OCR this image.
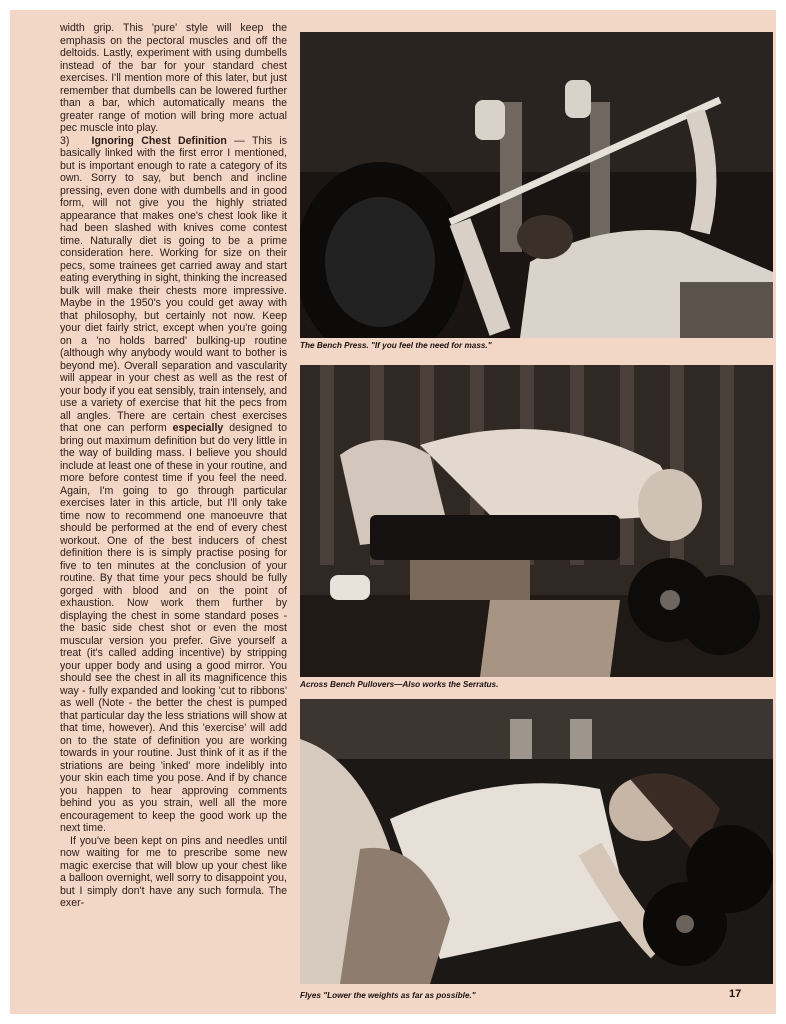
width grip. This 'pure' style will keep the emphasis on the pectoral muscles and off the deltoids. Lastly, experiment with using dumbells instead of the bar for your standard chest exercises. I'll mention more of this later, but just remember that dumbells can be lowered further than a bar, which automatically means the greater range of motion will bring more actual pec muscle into play.

3) Ignoring Chest Definition — This is basically linked with the first error I mentioned, but is important enough to rate a category of its own. Sorry to say, but bench and incline pressing, even done with dumbells and in good form, will not give you the highly striated appearance that makes one's chest look like it had been slashed with knives come contest time. Naturally diet is going to be a prime consideration here. Working for size on their pecs, some trainees get carried away and start eating everything in sight, thinking the increased bulk will make their chests more impressive. Maybe in the 1950's you could get away with that philosophy, but certainly not now. Keep your diet fairly strict, except when you're going on a 'no holds barred' bulking-up routine (although why anybody would want to bother is beyond me). Overall separation and vascularity will appear in your chest as well as the rest of your body if you eat sensibly, train intensely, and use a variety of exercise that hit the pecs from all angles. There are certain chest exercises that one can perform especially designed to bring out maximum definition but do very little in the way of building mass. I believe you should include at least one of these in your routine, and more before contest time if you feel the need. Again, I'm going to go through particular exercises later in this article, but I'll only take time now to recommend one manoeuvre that should be performed at the end of every chest workout. One of the best inducers of chest definition there is is simply practise posing for five to ten minutes at the conclusion of your routine. By that time your pecs should be fully gorged with blood and on the point of exhaustion. Now work them further by displaying the chest in some standard poses - the basic side chest shot or even the most muscular version you prefer. Give yourself a treat (it's called adding incentive) by stripping your upper body and using a good mirror. You should see the chest in all its magnificence this way - fully expanded and looking 'cut to ribbons' as well (Note - the better the chest is pumped that particular day the less striations will show at that time, however). And this 'exercise' will add on to the state of definition you are working towards in your routine. Just think of it as if the striations are being 'inked' more indelibly into your skin each time you pose. And if by chance you happen to hear approving comments behind you as you strain, well all the more encouragement to keep the good work up the next time.

If you've been kept on pins and needles until now waiting for me to prescribe some new magic exercise that will blow up your chest like a balloon overnight, well sorry to disappoint you, but I simply don't have any such formula. The exer-

The Bench Press. "If you feel the need for mass."
Across Bench Pullovers—Also works the Serratus.
Flyes "Lower the weights as far as possible."	17
